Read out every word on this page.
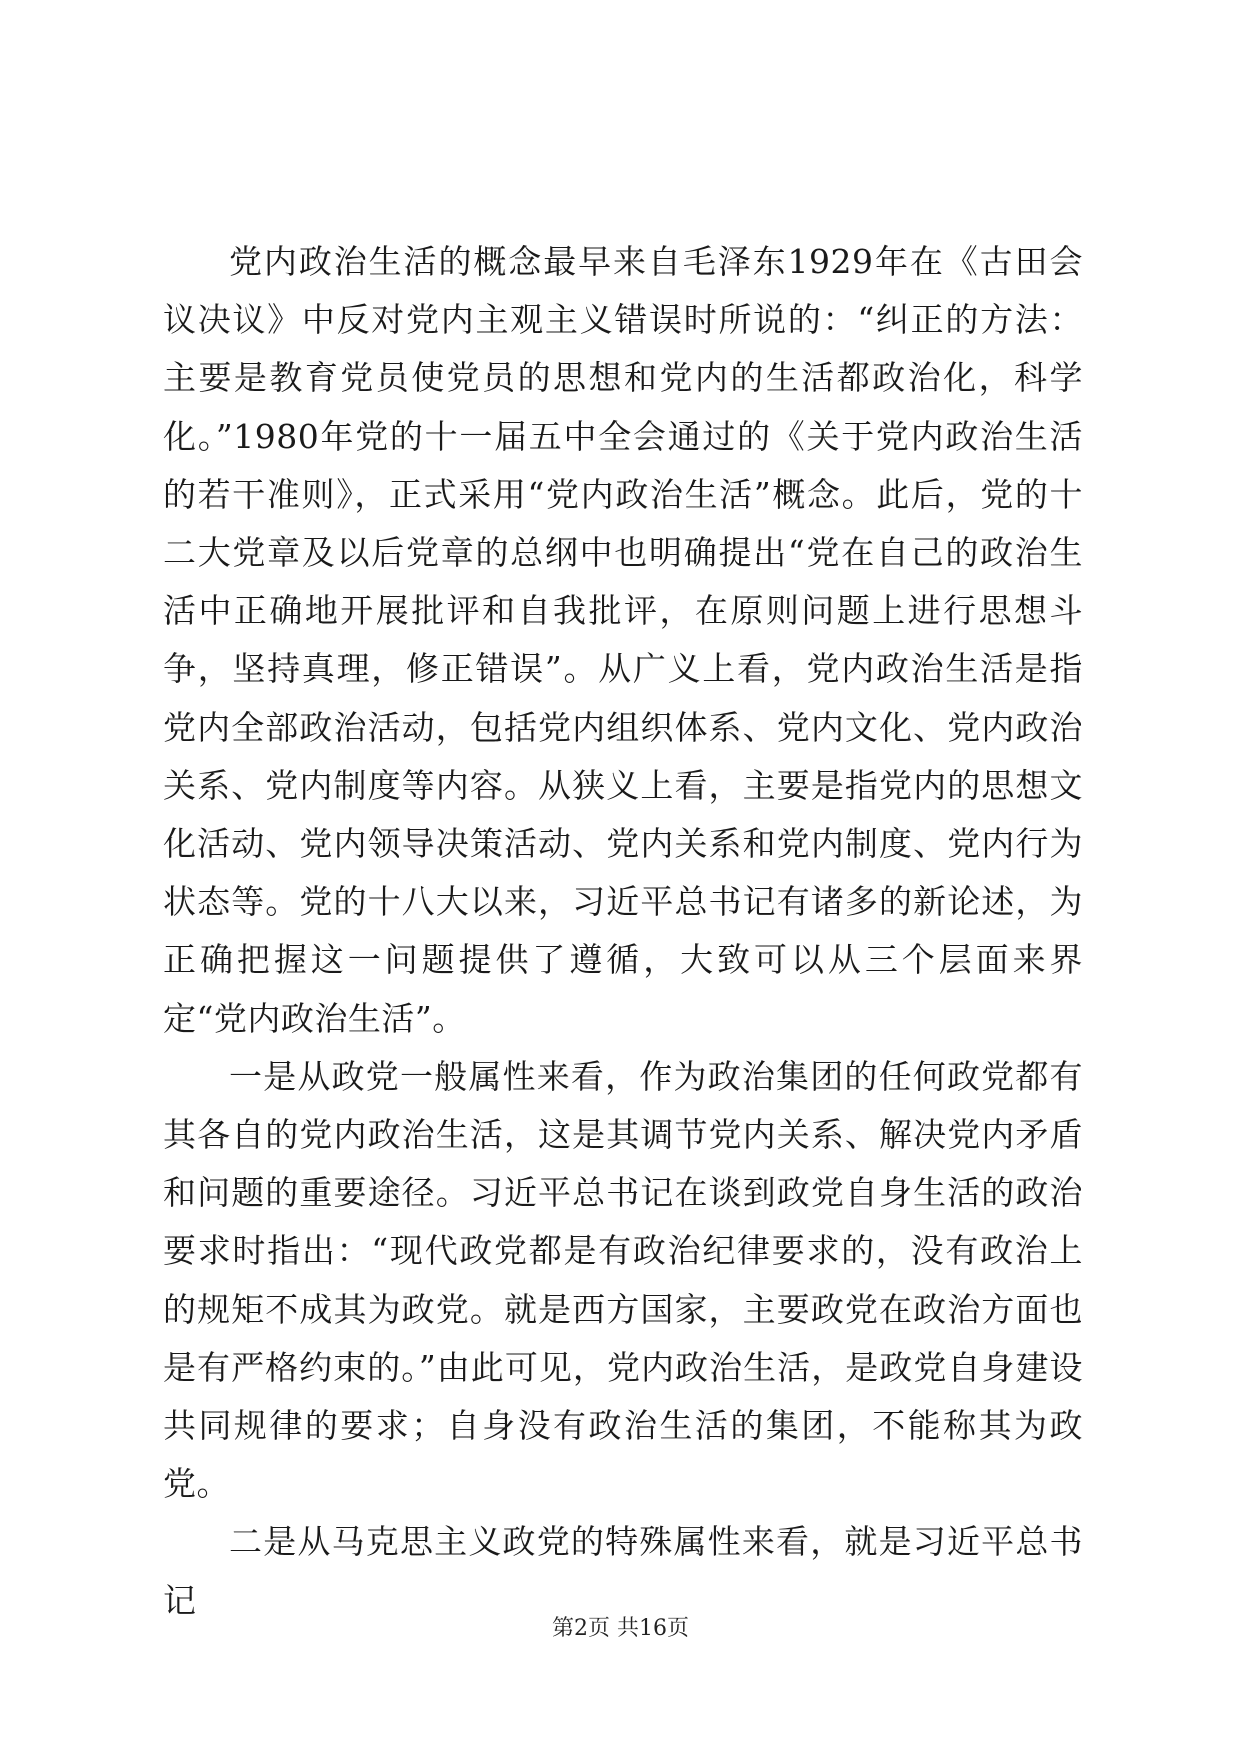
党内政治生活的概念最早来自毛泽东1929年在《古田会议决议》中反对党内主观主义错误时所说的：“纠正的方法：主要是教育党员使党员的思想和党内的生活都政治化，科学化。”1980年党的十一届五中全会通过的《关于党内政治生活的若干准则》，正式采用“党内政治生活”概念。此后，党的十二大党章及以后党章的总纲中也明确提出“党在自己的政治生活中正确地开展批评和自我批评，在原则问题上进行思想斗争，坚持真理，修正错误”。从广义上看，党内政治生活是指党内全部政治活动，包括党内组织体系、党内文化、党内政治关系、党内制度等内容。从狭义上看，主要是指党内的思想文化活动、党内领导决策活动、党内关系和党内制度、党内行为状态等。党的十八大以来，习近平总书记有诸多的新论述，为正确把握这一问题提供了遵循，大致可以从三个层面来界定“党内政治生活”。

一是从政党一般属性来看，作为政治集团的任何政党都有其各自的党内政治生活，这是其调节党内关系、解决党内矛盾和问题的重要途径。习近平总书记在谈到政党自身生活的政治要求时指出：“现代政党都是有政治纪律要求的，没有政治上的规矩不成其为政党。就是西方国家，主要政党在政治方面也是有严格约束的。”由此可见，党内政治生活，是政党自身建设共同规律的要求；自身没有政治生活的集团，不能称其为政党。

二是从马克思主义政党的特殊属性来看，就是习近平总书记

第2页 共16页
